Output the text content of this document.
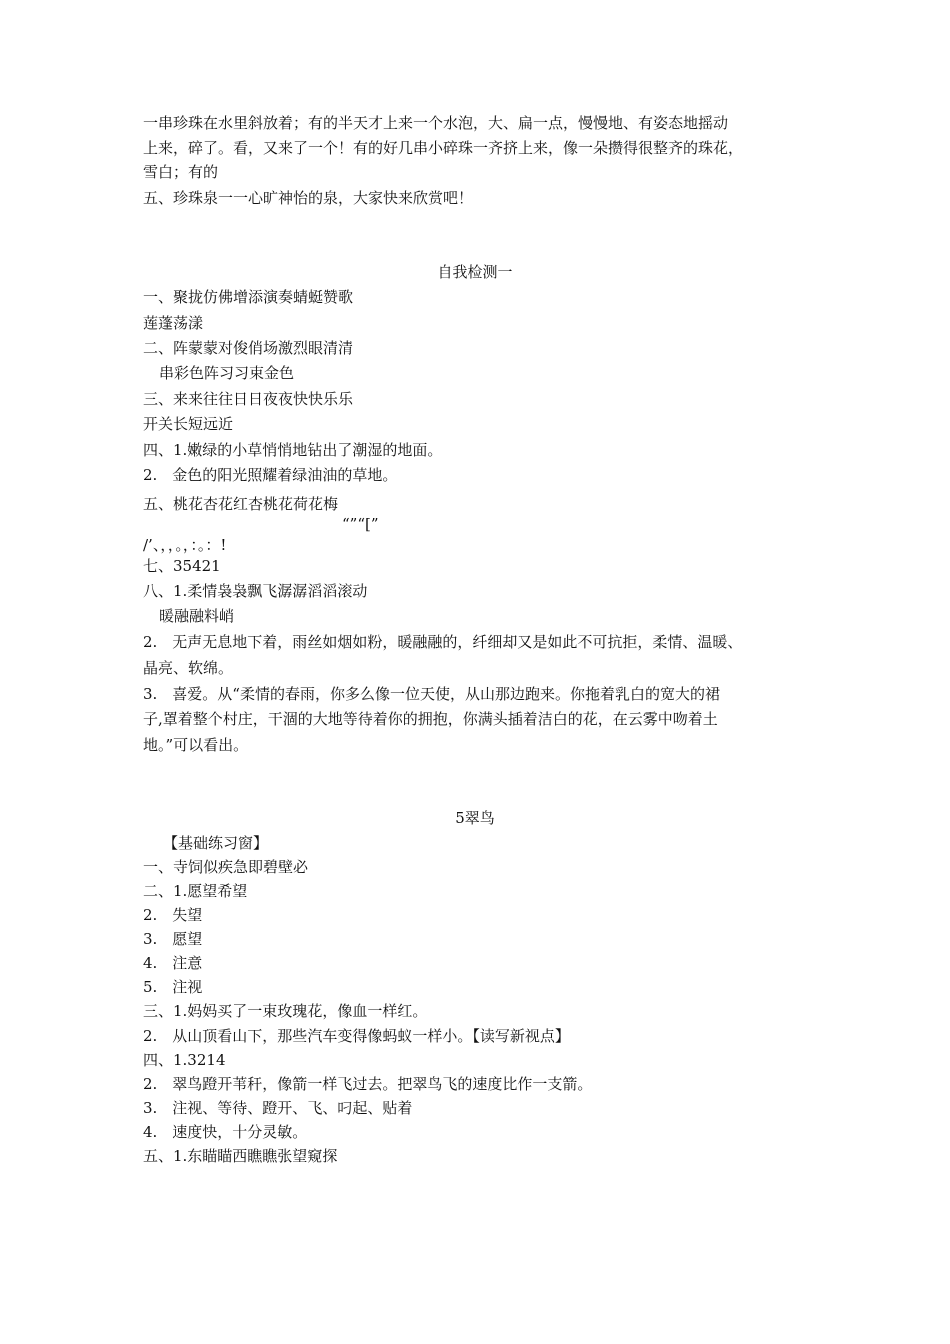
一串珍珠在水里斜放着；有的半天才上来一个水泡，大、扁一点，慢慢地、有姿态地摇动
上来，碎了。看，又来了一个！有的好几串小碎珠一齐挤上来，像一朵攒得很整齐的珠花，
雪白；有的
五、珍珠泉一一心旷神怡的泉，大家快来欣赏吧！
自我检测一
一、聚拢仿佛增添演奏蜻蜓赞歌
莲蓬荡漾
二、阵蒙蒙对俊俏场激烈眼清清
串彩色阵习习束金色
三、来来往往日日夜夜快快乐乐
开关长短远近
四、1.嫩绿的小草悄悄地钻出了潮湿的地面。
2.　金色的阳光照耀着绿油油的草地。
五、桃花杏花红杏桃花荷花梅
“”“[”
/’、，，。，：。：!
七、35421
八、1.柔情袅袅飘飞潺潺滔滔滚动
暖融融料峭
2.　无声无息地下着，雨丝如烟如粉，暖融融的，纤细却又是如此不可抗拒，柔情、温暖、
晶亮、软绵。
3.　喜爱。从“柔情的春雨，你多么像一位天使，从山那边跑来。你拖着乳白的宽大的裙
子,罩着整个村庄，干涸的大地等待着你的拥抱，你满头插着洁白的花，在云雾中吻着土
地。”可以看出。
5翠鸟
【基础练习窗】
一、寺饲似疾急即碧壁必
二、1.愿望希望
2.　失望
3.　愿望
4.　注意
5.　注视
三、1.妈妈买了一束玫瑰花，像血一样红。
2.　从山顶看山下，那些汽车变得像蚂蚁一样小。【读写新视点】
四、1.3214
2.　翠鸟蹬开苇秆，像箭一样飞过去。把翠鸟飞的速度比作一支箭。
3.　注视、等待、蹬开、飞、叼起、贴着
4.　速度快，十分灵敏。
五、1.东瞄瞄西瞧瞧张望窥探
